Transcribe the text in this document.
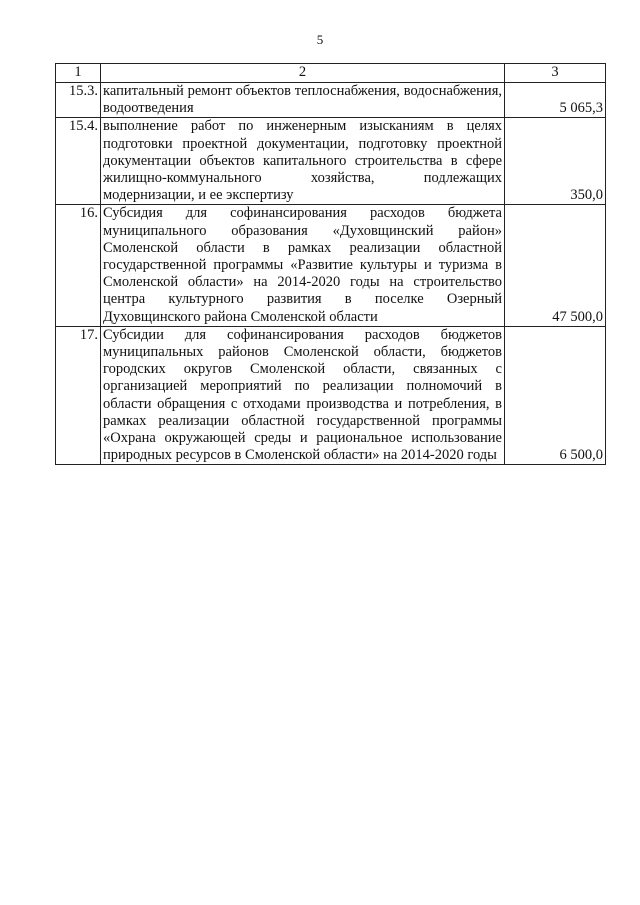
5
1	2	3
15.3.	капитальный ремонт объектов теплоснабжения, водоснабжения, водоотведения	5 065,3
15.4.	выполнение работ по инженерным изысканиям в целях подготовки проектной документации, подготовку проектной документации объектов капитального строительства в сфере жилищно-коммунального хозяйства, подлежащих модернизации, и ее экспертизу	350,0
16.	Субсидия для софинансирования расходов бюджета муниципального образования «Духовщинский район» Смоленской области в рамках реализации областной государственной программы «Развитие культуры и туризма в Смоленской области» на 2014-2020 годы на строительство центра культурного развития в поселке Озерный Духовщинского района Смоленской области	47 500,0
17.	Субсидии для софинансирования расходов бюджетов муниципальных районов Смоленской области, бюджетов городских округов Смоленской области, связанных с организацией мероприятий по реализации полномочий в области обращения с отходами производства и потребления, в рамках реализации областной государственной программы «Охрана окружающей среды и рациональное использование природных ресурсов в Смоленской области» на 2014-2020 годы	6 500,0
